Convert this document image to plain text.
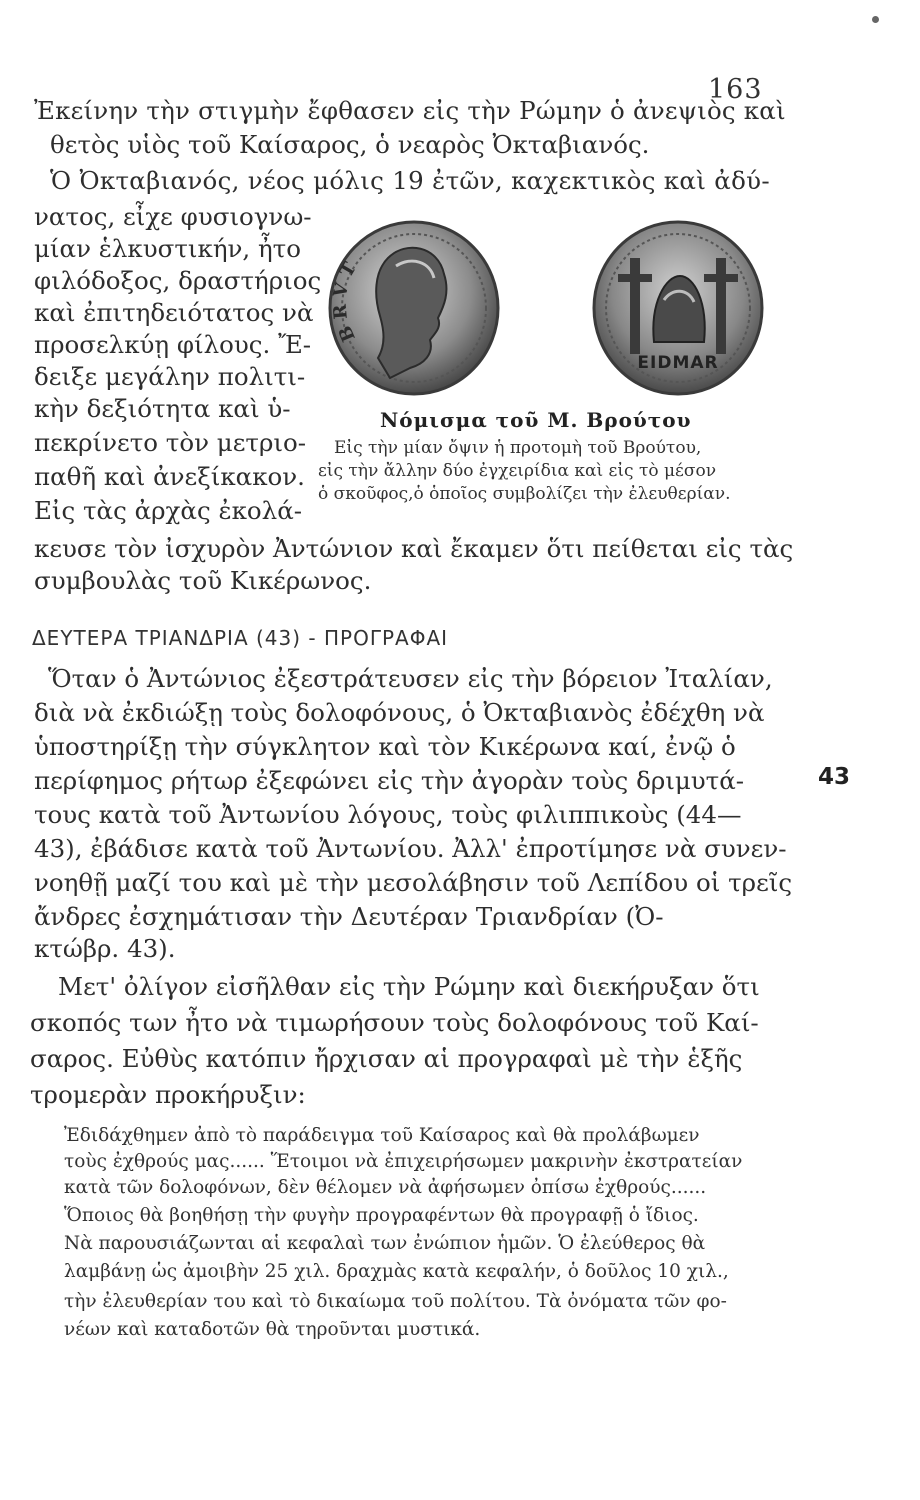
163
Ἐκείνην τὴν στιγμὴν ἔφθασεν εἰς τὴν Ρώμην ὁ ἀνεψιὸς καὶ
θετὸς υἱὸς τοῦ Καίσαρος, ὁ νεαρὸς Ὀκταβιανός.
Ὁ Ὀκταβιανός, νέος μόλις 19 ἐτῶν, καχεκτικὸς καὶ ἀδύ-
νατος, εἶχε φυσιογνω-
μίαν ἑλκυστικήν, ἦτο
φιλόδοξος, δραστήριος
καὶ ἐπιτηδειότατος νὰ
προσελκύῃ φίλους. Ἔ-
δειξε μεγάλην πολιτι-
κὴν δεξιότητα καὶ ὑ-
πεκρίνετο τὸν μετριο-
παθῆ καὶ ἀνεξίκακον.
Εἰς τὰς ἀρχὰς ἐκολά-
κευσε τὸν ἰσχυρὸν Ἀντώνιον καὶ ἔκαμεν ὅτι πείθεται εἰς τὰς
συμβουλὰς τοῦ Κικέρωνος.
BRVT
EIDMAR
Νόμισμα τοῦ Μ. Βρούτου
Εἰς τὴν μίαν ὄψιν ἡ προτομὴ τοῦ Βρούτου,
εἰς τὴν ἄλλην δύο ἐγχειρίδια καὶ εἰς τὸ μέσον
ὁ σκοῦφος,ὁ ὁποῖος συμβολίζει τὴν ἐλευθερίαν.
ΔΕΥΤΕΡΑ ΤΡΙΑΝΔΡΙΑ (43) - ΠΡΟΓΡΑΦΑΙ
Ὅταν ὁ Ἀντώνιος ἐξεστράτευσεν εἰς τὴν βόρειον Ἰταλίαν,
διὰ νὰ ἐκδιώξῃ τοὺς δολοφόνους, ὁ Ὀκταβιανὸς ἐδέχθη νὰ
ὑποστηρίξῃ τὴν σύγκλητον καὶ τὸν Κικέρωνα καί, ἐνῷ ὁ
περίφημος ρήτωρ ἐξεφώνει εἰς τὴν ἀγορὰν τοὺς δριμυτά-	43
τους κατὰ τοῦ Ἀντωνίου λόγους, τοὺς φιλιππικοὺς (44—
43), ἐβάδισε κατὰ τοῦ Ἀντωνίου. Ἀλλ' ἐπροτίμησε νὰ συνεν-
νοηθῇ μαζί του καὶ μὲ τὴν μεσολάβησιν τοῦ Λεπίδου οἱ τρεῖς
ἄνδρες ἐσχημάτισαν τὴν Δευτέραν Τριανδρίαν (Ὀ-
κτώβρ. 43).
Μετ' ὀλίγον εἰσῆλθαν εἰς τὴν Ρώμην καὶ διεκήρυξαν ὅτι
σκοπός των ἦτο νὰ τιμωρήσουν τοὺς δολοφόνους τοῦ Καί-
σαρος. Εὐθὺς κατόπιν ἤρχισαν αἱ προγραφαὶ μὲ τὴν ἑξῆς
τρομερὰν προκήρυξιν:
Ἐδιδάχθημεν ἀπὸ τὸ παράδειγμα τοῦ Καίσαρος καὶ θὰ προλάβωμεν
τοὺς ἐχθρούς μας...... Ἕτοιμοι νὰ ἐπιχειρήσωμεν μακρινὴν ἐκστρατείαν
κατὰ τῶν δολοφόνων, δὲν θέλομεν νὰ ἀφήσωμεν ὀπίσω ἐχθρούς......
Ὅποιος θὰ βοηθήσῃ τὴν φυγὴν προγραφέντων θὰ προγραφῇ ὁ ἴδιος.
Νὰ παρουσιάζωνται αἱ κεφαλαὶ των ἐνώπιον ἡμῶν. Ὁ ἐλεύθερος θὰ
λαμβάνῃ ὡς ἀμοιβὴν 25 χιλ. δραχμὰς κατὰ κεφαλήν, ὁ δοῦλος 10 χιλ.,
τὴν ἐλευθερίαν του καὶ τὸ δικαίωμα τοῦ πολίτου. Τὰ ὀνόματα τῶν φο-
νέων καὶ καταδοτῶν θὰ τηροῦνται μυστικά.
